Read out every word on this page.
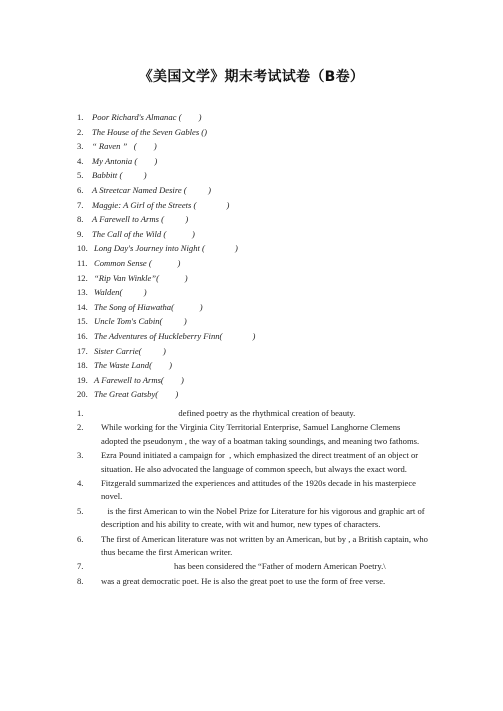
《美国文学》期末考试试卷（B卷）
1. Poor Richard's Almanac (        )
2. The House of the Seven Gables ()
3. “ Raven ”   (        )
4. My Antonia (        )
5. Babbitt (          )
6. A Streetcar Named Desire (          )
7. Maggie: A Girl of the Streets (              )
8. A Farewell to Arms (          )
9. The Call of the Wild (            )
10. Long Day's Journey into Night (              )
11. Common Sense (            )
12. “Rip Van Winkle”(            )
13. Walden(          )
14. The Song of Hiawatha(            )
15. Uncle Tom's Cabin(          )
16. The Adventures of Huckleberry Finn(              )
17. Sister Carrie(          )
18. The Waste Land(        )
19. A Farewell to Arms(        )
20. The Great Gatsby(        )
1.	defined poetry as the rhythmical creation of beauty.
2.	While working for the Virginia City Territorial Enterprise, Samuel Langhorne Clemens adopted the pseudonym , the way of a boatman taking soundings, and meaning two fathoms.
3.	Ezra Pound initiated a campaign for  , which emphasized the direct treatment of an object or situation. He also advocated the language of common speech, but always the exact word.
4.	Fitzgerald summarized the experiences and attitudes of the 1920s decade in his masterpiece novel.
5.	is the first American to win the Nobel Prize for Literature for his vigorous and graphic art of description and his ability to create, with wit and humor, new types of characters.
6.	The first of American literature was not written by an American, but by , a British captain, who thus became the first American writer.
7.	has been considered the “Father of modern American Poetry.\
8.	was a great democratic poet. He is also the great poet to use the form of free verse.
